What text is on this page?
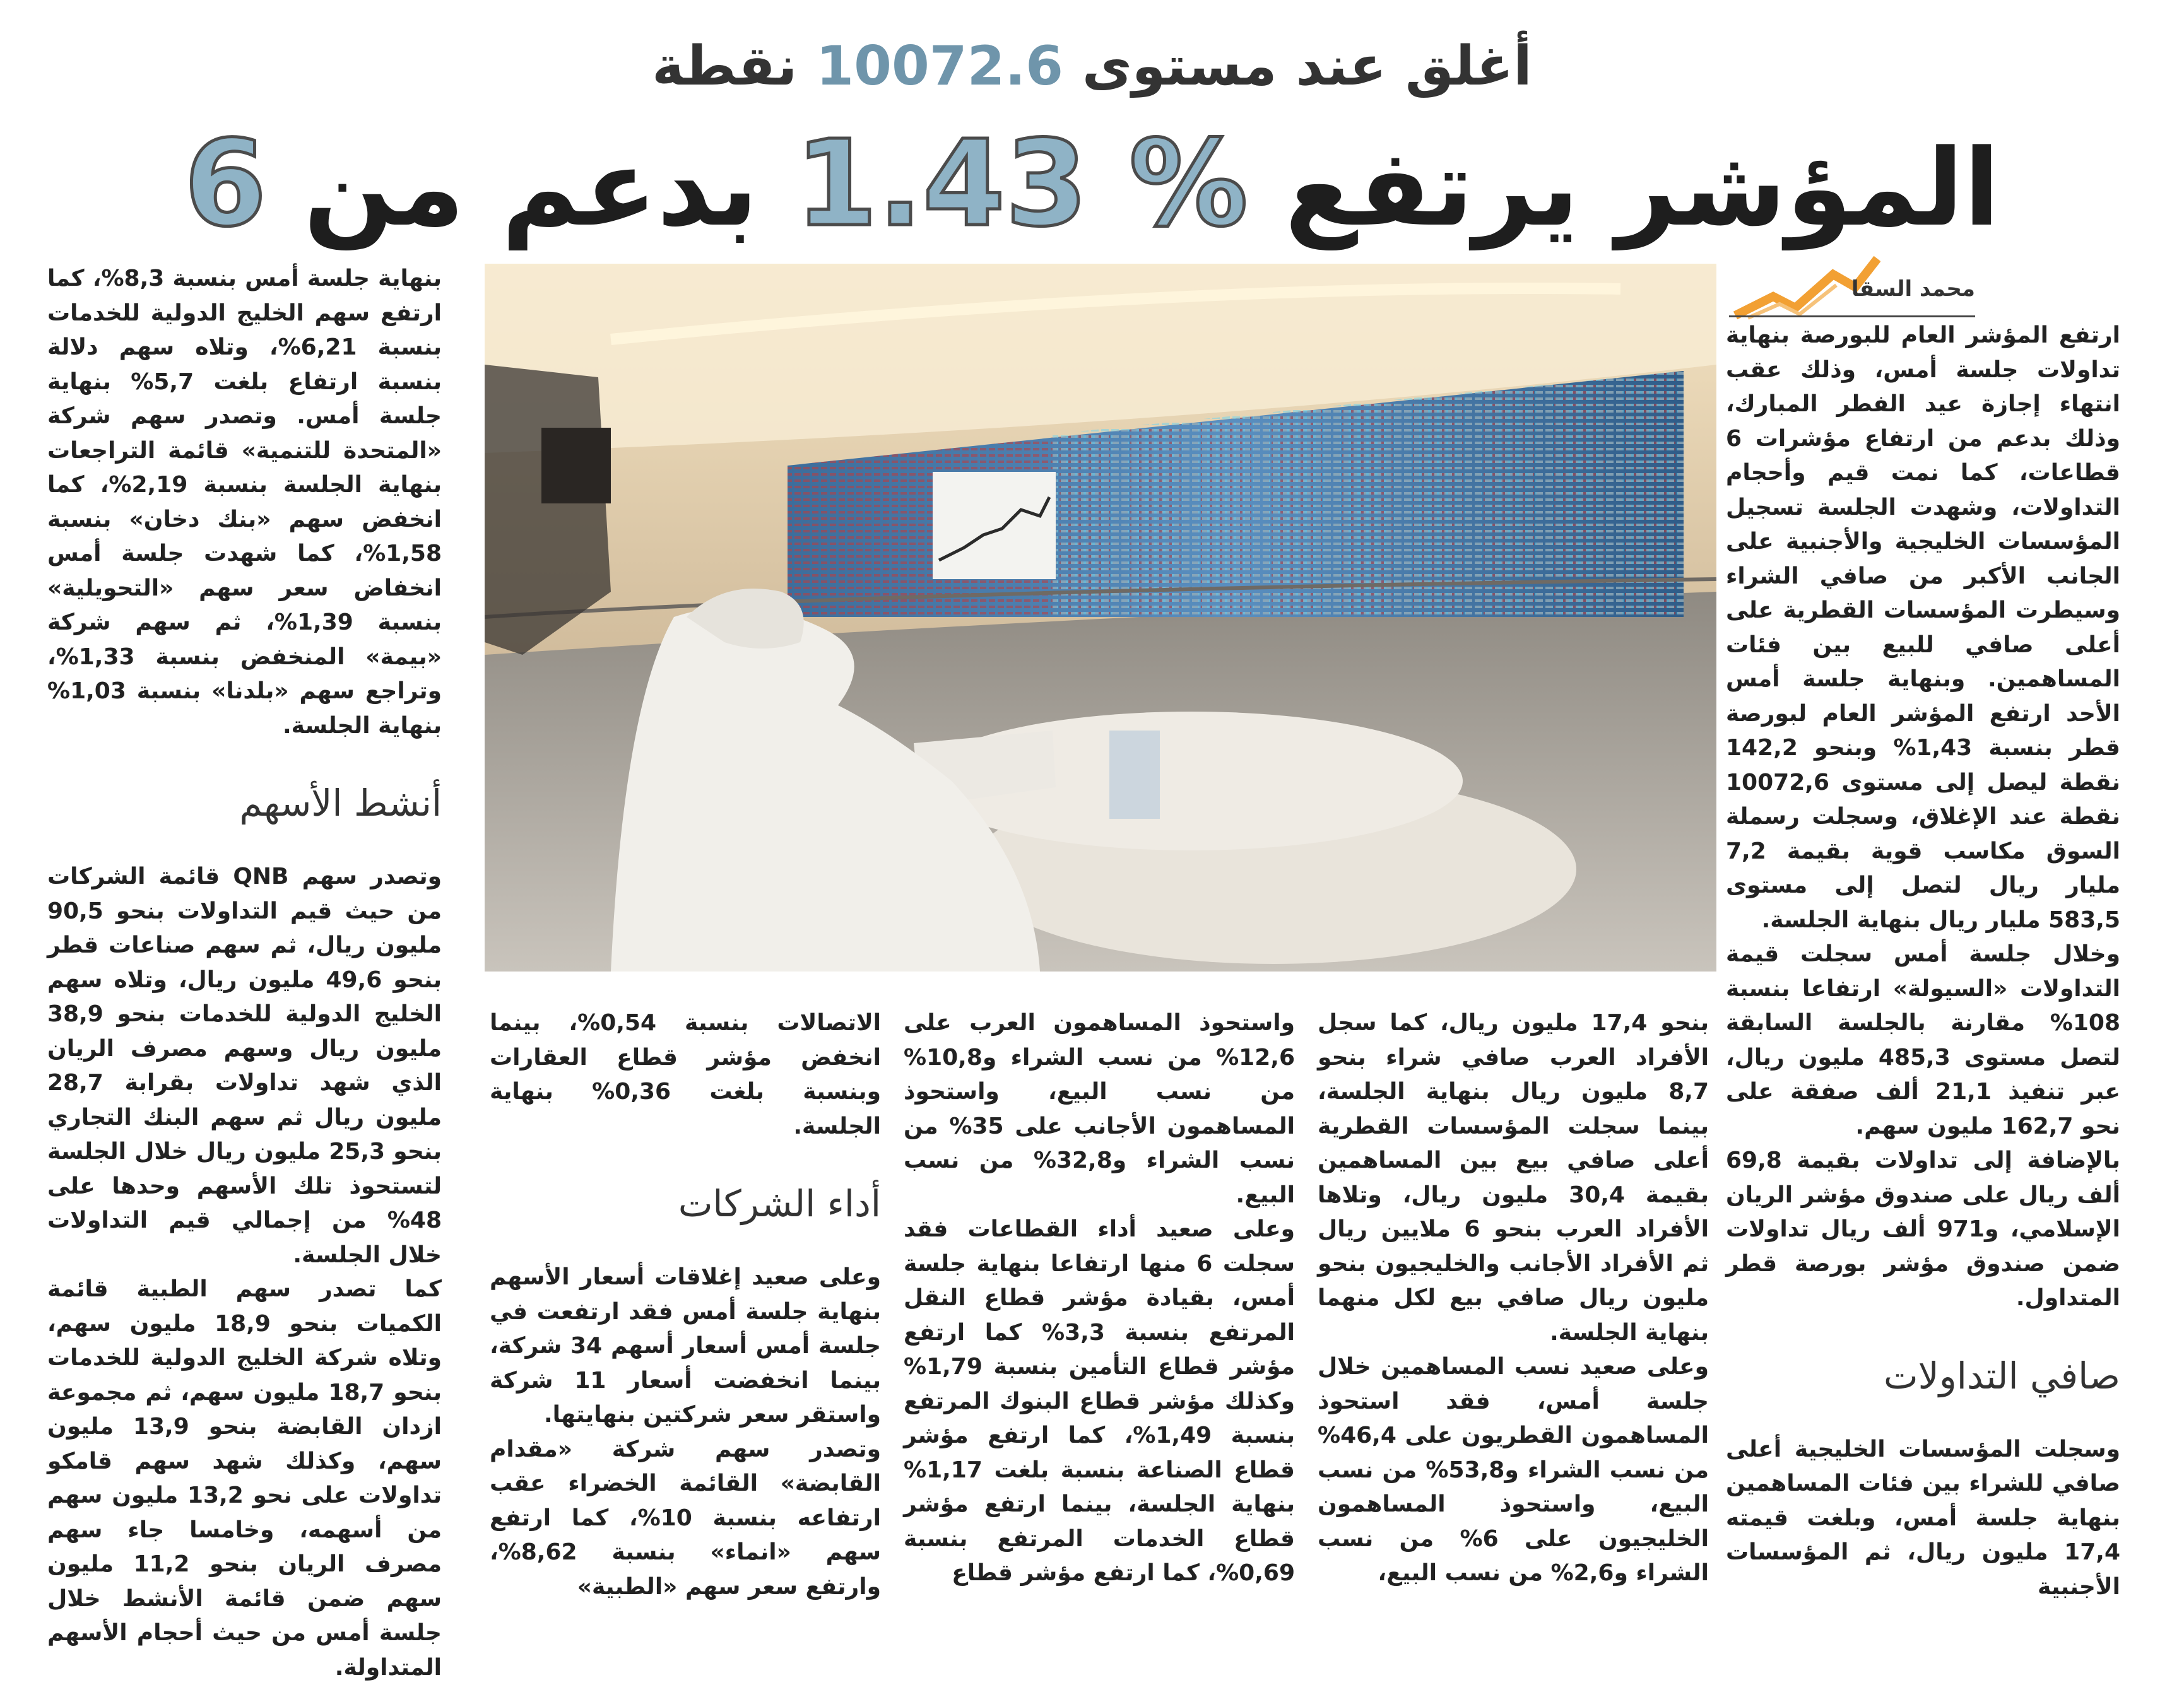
أغلق عند مستوى 10072.6 نقطة
المؤشر يرتفع 1.43 % بدعم من 6
محمد السقا

ارتفع المؤشر العام للبورصة بنهاية تداولات جلسة أمس، وذلك عقب انتهاء إجازة عيد الفطر المبارك، وذلك بدعم من ارتفاع مؤشرات 6 قطاعات، كما نمت قيم وأحجام التداولات، وشهدت الجلسة تسجيل المؤسسات الخليجية والأجنبية على الجانب الأكبر من صافي الشراء وسيطرت المؤسسات القطرية على أعلى صافي للبيع بين فئات المساهمين. وبنهاية جلسة أمس الأحد ارتفع المؤشر العام لبورصة قطر بنسبة 1,43% وبنحو 142,2 نقطة ليصل إلى مستوى 10072,6 نقطة عند الإغلاق، وسجلت رسملة السوق مكاسب قوية بقيمة 7,2 مليار ريال لتصل إلى مستوى 583,5 مليار ريال بنهاية الجلسة.

وخلال جلسة أمس سجلت قيمة التداولات «السيولة» ارتفاعا بنسبة 108% مقارنة بالجلسة السابقة لتصل مستوى 485,3 مليون ريال، عبر تنفيذ 21,1 ألف صفقة على نحو 162,7 مليون سهم.

بالإضافة إلى تداولات بقيمة 69,8 ألف ريال على صندوق مؤشر الريان الإسلامي، و971 ألف ريال تداولات ضمن صندوق مؤشر بورصة قطر المتداول.

صافي التداولات

وسجلت المؤسسات الخليجية أعلى صافي للشراء بين فئات المساهمين بنهاية جلسة أمس، وبلغت قيمته 17,4 مليون ريال، ثم المؤسسات الأجنبية

بنحو 17,4 مليون ريال، كما سجل الأفراد العرب صافي شراء بنحو 8,7 مليون ريال بنهاية الجلسة، بينما سجلت المؤسسات القطرية أعلى صافي بيع بين المساهمين بقيمة 30,4 مليون ريال، وتلاها الأفراد العرب بنحو 6 ملايين ريال ثم الأفراد الأجانب والخليجيون بنحو مليون ريال صافي بيع لكل منهما بنهاية الجلسة.

وعلى صعيد نسب المساهمين خلال جلسة أمس، فقد استحوذ المساهمون القطريون على 46,4% من نسب الشراء و53,8% من نسب البيع، واستحوذ المساهمون الخليجيون على 6% من نسب الشراء و2,6% من نسب البيع،

واستحوذ المساهمون العرب على 12,6% من نسب الشراء و10,8% من نسب البيع، واستحوذ المساهمون الأجانب على 35% من نسب الشراء و32,8% من نسب البيع.

وعلى صعيد أداء القطاعات فقد سجلت 6 منها ارتفاعا بنهاية جلسة أمس، بقيادة مؤشر قطاع النقل المرتفع بنسبة 3,3% كما ارتفع مؤشر قطاع التأمين بنسبة 1,79% وكذلك مؤشر قطاع البنوك المرتفع بنسبة 1,49%، كما ارتفع مؤشر قطاع الصناعة بنسبة بلغت 1,17% بنهاية الجلسة، بينما ارتفع مؤشر قطاع الخدمات المرتفع بنسبة 0,69%، كما ارتفع مؤشر قطاع

الاتصالات بنسبة 0,54%، بينما انخفض مؤشر قطاع العقارات وبنسبة بلغت 0,36% بنهاية الجلسة.

أداء الشركات

وعلى صعيد إغلاقات أسعار الأسهم بنهاية جلسة أمس فقد ارتفعت في جلسة أمس أسعار أسهم 34 شركة، بينما انخفضت أسعار 11 شركة واستقر سعر شركتين بنهايتها.

وتصدر سهم شركة «مقدام القابضة» القائمة الخضراء عقب ارتفاعه بنسبة 10%، كما ارتفع سهم «انماء» بنسبة 8,62%، وارتفع سعر سهم «الطبية»

بنهاية جلسة أمس بنسبة 8,3%، كما ارتفع سهم الخليج الدولية للخدمات بنسبة 6,21%، وتلاه سهم دلالة بنسبة ارتفاع بلغت 5,7% بنهاية جلسة أمس. وتصدر سهم شركة «المتحدة للتنمية» قائمة التراجعات بنهاية الجلسة بنسبة 2,19%، كما انخفض سهم «بنك دخان» بنسبة 1,58%، كما شهدت جلسة أمس انخفاض سعر سهم «التحويلية» بنسبة 1,39%، ثم سهم شركة «بيمة» المنخفض بنسبة 1,33%، وتراجع سهم «بلدنا» بنسبة 1,03% بنهاية الجلسة.

أنشط الأسهم

وتصدر سهم QNB قائمة الشركات من حيث قيم التداولات بنحو 90,5 مليون ريال، ثم سهم صناعات قطر بنحو 49,6 مليون ريال، وتلاه سهم الخليج الدولية للخدمات بنحو 38,9 مليون ريال وسهم مصرف الريان الذي شهد تداولات بقرابة 28,7 مليون ريال ثم سهم البنك التجاري بنحو 25,3 مليون ريال خلال الجلسة لتستحوذ تلك الأسهم وحدها على 48% من إجمالي قيم التداولات خلال الجلسة.

كما تصدر سهم الطبية قائمة الكميات بنحو 18,9 مليون سهم، وتلاه شركة الخليج الدولية للخدمات بنحو 18,7 مليون سهم، ثم مجموعة ازدان القابضة بنحو 13,9 مليون سهم، وكذلك شهد سهم قامكو تداولات على نحو 13,2 مليون سهم من أسهمه، وخامسا جاء سهم مصرف الريان بنحو 11,2 مليون سهم ضمن قائمة الأنشط خلال جلسة أمس من حيث أحجام الأسهم المتداولة.
